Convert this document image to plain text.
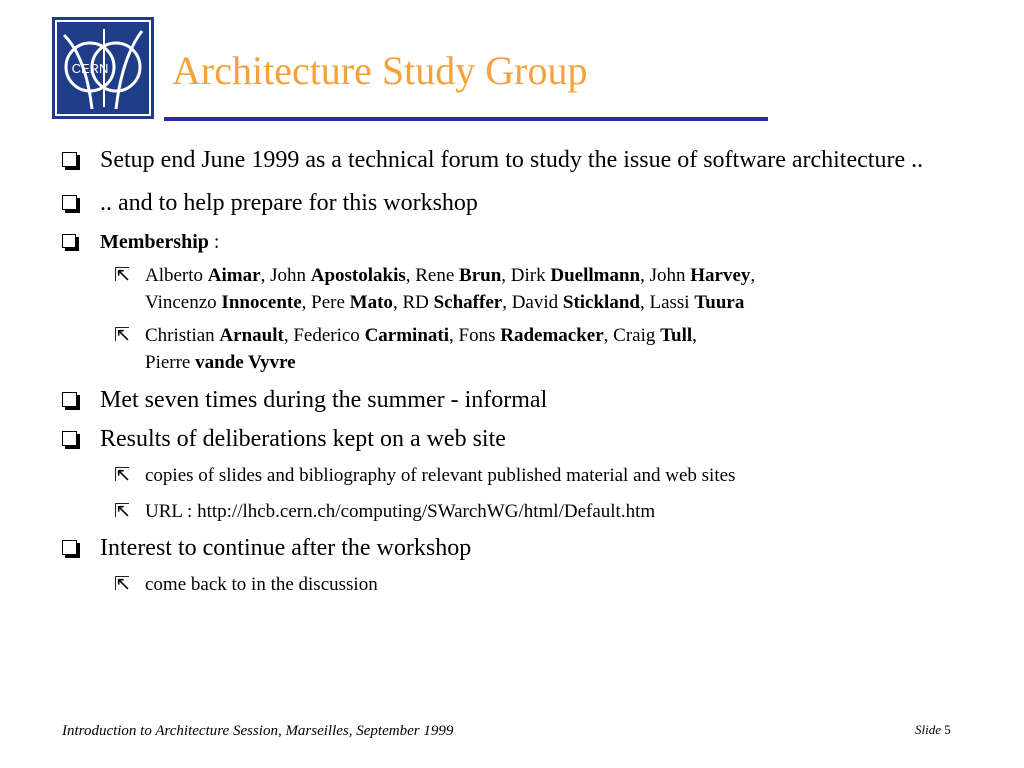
CERN Architecture Study Group
Setup end June 1999 as a technical forum to study the issue of software architecture ..
.. and to help prepare for this workshop
Membership :
⇱ Alberto Aimar, John Apostolakis, Rene Brun, Dirk Duellmann, John Harvey,
Vincenzo Innocente, Pere Mato, RD Schaffer, David Stickland, Lassi Tuura
⇱ Christian Arnault, Federico Carminati, Fons Rademacker, Craig Tull,
Pierre vande Vyvre
Met seven times during the summer - informal
Results of deliberations kept on a web site
⇱ copies of slides and bibliography of relevant published material and web sites
⇱ URL : http://lhcb.cern.ch/computing/SWarchWG/html/Default.htm
Interest to continue after the workshop
⇱ come back to in the discussion
Introduction to Architecture Session, Marseilles, September 1999	Slide 5
